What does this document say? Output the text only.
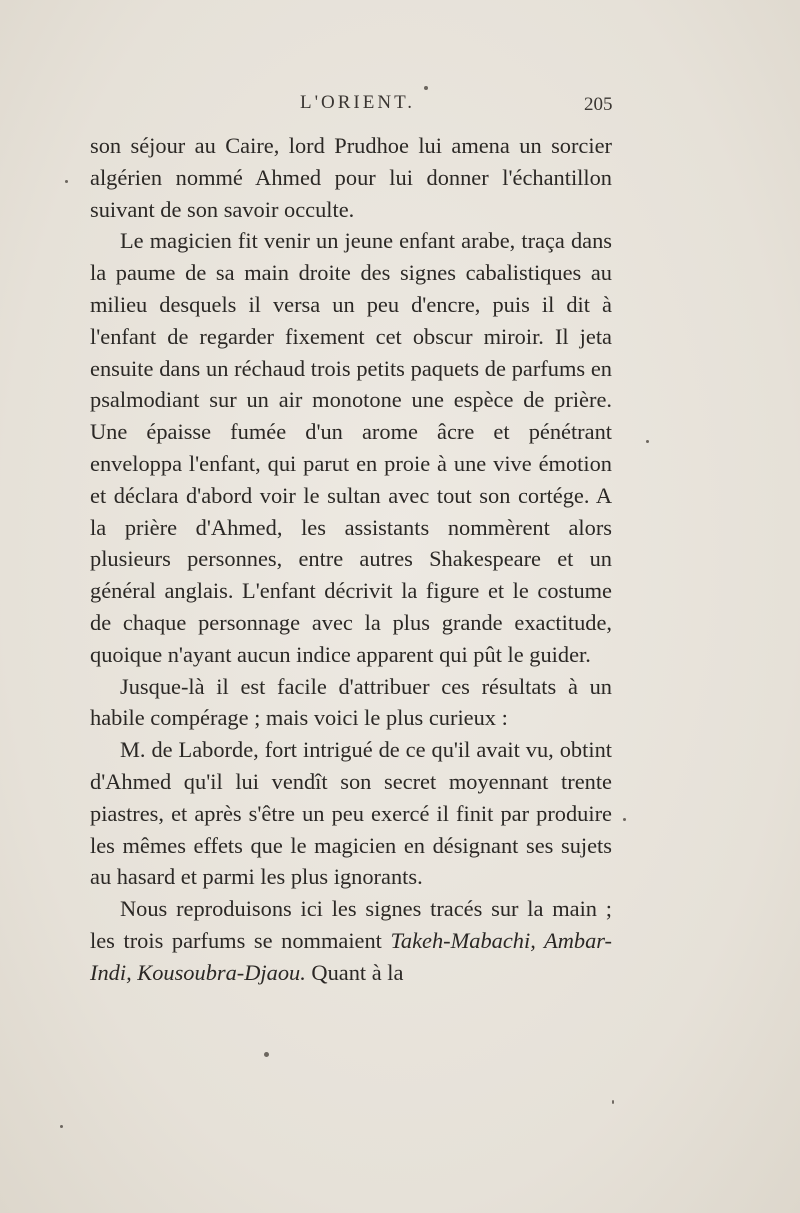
L'ORIENT.	205

son séjour au Caire, lord Prudhoe lui amena un sorcier algérien nommé Ahmed pour lui donner l'échantillon suivant de son savoir occulte.

Le magicien fit venir un jeune enfant arabe, traça dans la paume de sa main droite des signes cabalistiques au milieu desquels il versa un peu d'encre, puis il dit à l'enfant de regarder fixement cet obscur miroir. Il jeta ensuite dans un réchaud trois petits paquets de parfums en psalmodiant sur un air monotone une espèce de prière. Une épaisse fumée d'un arome âcre et pénétrant enveloppa l'enfant, qui parut en proie à une vive émotion et déclara d'abord voir le sultan avec tout son cortége. A la prière d'Ahmed, les assistants nommèrent alors plusieurs personnes, entre autres Shakespeare et un général anglais. L'enfant décrivit la figure et le costume de chaque personnage avec la plus grande exactitude, quoique n'ayant aucun indice apparent qui pût le guider.

Jusque-là il est facile d'attribuer ces résultats à un habile compérage ; mais voici le plus curieux :

M. de Laborde, fort intrigué de ce qu'il avait vu, obtint d'Ahmed qu'il lui vendît son secret moyennant trente piastres, et après s'être un peu exercé il finit par produire les mêmes effets que le magicien en désignant ses sujets au hasard et parmi les plus ignorants.

Nous reproduisons ici les signes tracés sur la main ; les trois parfums se nommaient Takeh-Mabachi, Ambar-Indi, Kousoubra-Djaou. Quant à la
